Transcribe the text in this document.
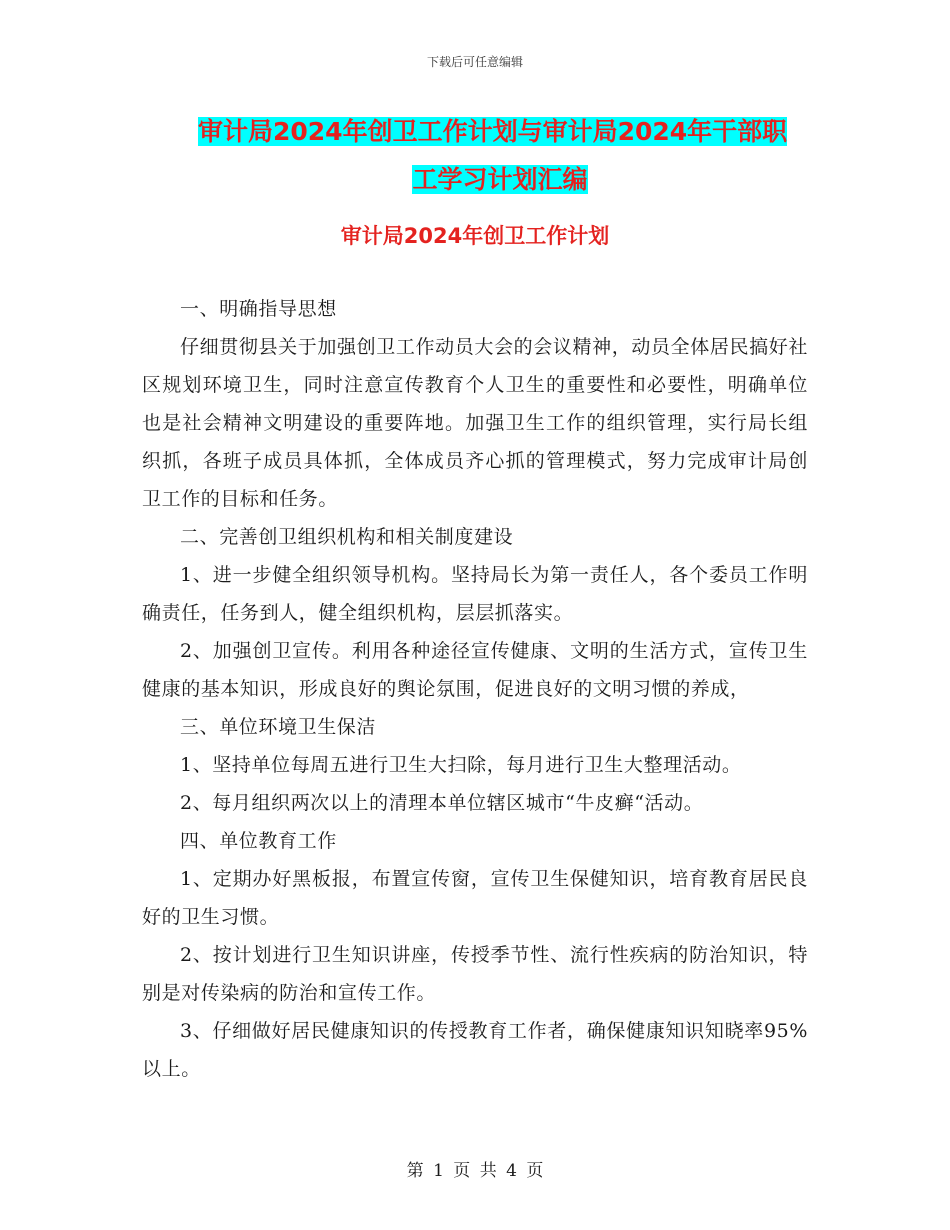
下载后可任意编辑
审计局2024年创卫工作计划与审计局2024年干部职
工学习计划汇编
审计局2024年创卫工作计划

一、明确指导思想

仔细贯彻县关于加强创卫工作动员大会的会议精神，动员全体居民搞好社区规划环境卫生，同时注意宣传教育个人卫生的重要性和必要性，明确单位也是社会精神文明建设的重要阵地。加强卫生工作的组织管理，实行局长组织抓，各班子成员具体抓，全体成员齐心抓的管理模式，努力完成审计局创卫工作的目标和任务。

二、完善创卫组织机构和相关制度建设

1、进一步健全组织领导机构。坚持局长为第一责任人，各个委员工作明确责任，任务到人，健全组织机构，层层抓落实。

2、加强创卫宣传。利用各种途径宣传健康、文明的生活方式，宣传卫生健康的基本知识，形成良好的舆论氛围，促进良好的文明习惯的养成，

三、单位环境卫生保洁

1、坚持单位每周五进行卫生大扫除，每月进行卫生大整理活动。

2、每月组织两次以上的清理本单位辖区城市“牛皮癣“活动。

四、单位教育工作

1、定期办好黑板报，布置宣传窗，宣传卫生保健知识，培育教育居民良好的卫生习惯。

2、按计划进行卫生知识讲座，传授季节性、流行性疾病的防治知识，特别是对传染病的防治和宣传工作。

3、仔细做好居民健康知识的传授教育工作者，确保健康知识知晓率95%以上。

第 1 页 共 4 页
